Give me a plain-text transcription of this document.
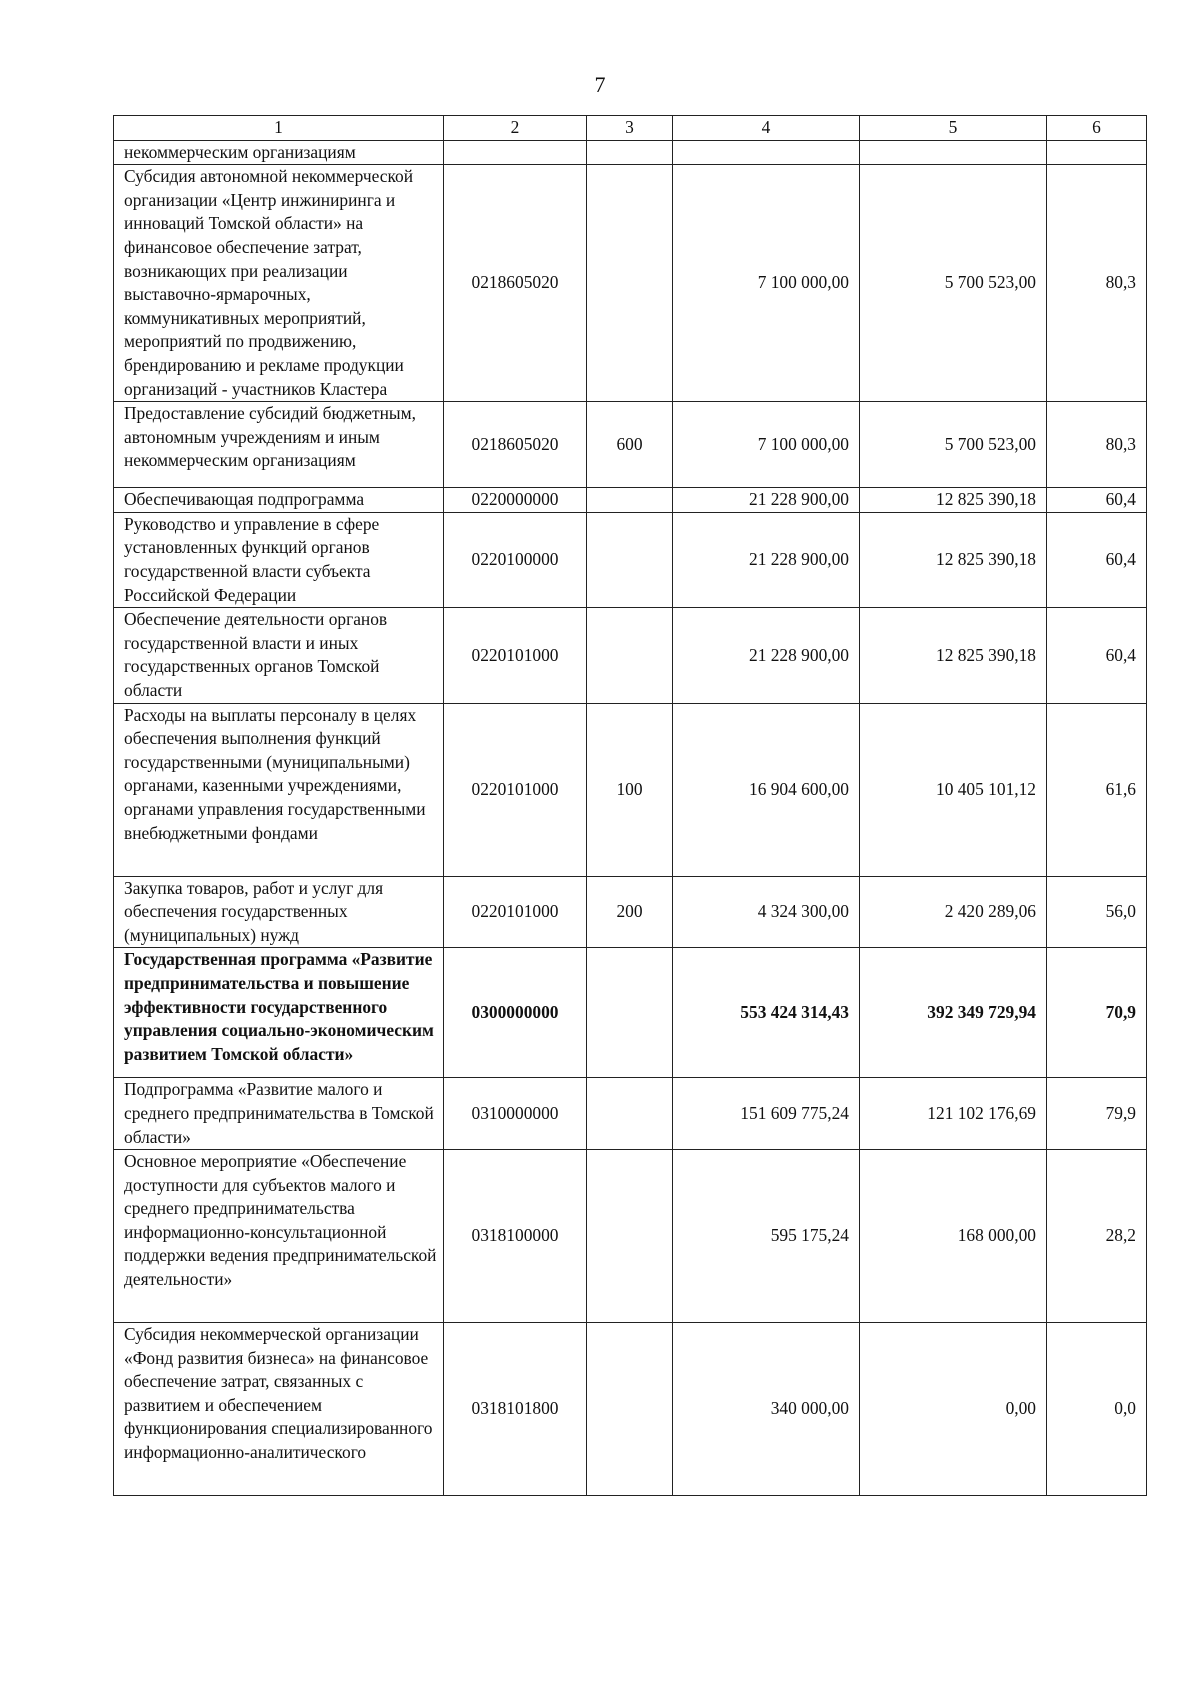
7
1	2	3	4	5	6
некоммерческим организациям					
Субсидия автономной некоммерческой организации «Центр инжиниринга и инноваций Томской области» на финансовое обеспечение затрат, возникающих при реализации выставочно-ярмарочных, коммуникативных мероприятий, мероприятий по продвижению, брендированию и рекламе продукции организаций - участников Кластера	0218605020		7 100 000,00	5 700 523,00	80,3
Предоставление субсидий бюджетным, автономным учреждениям и иным некоммерческим организациям	0218605020	600	7 100 000,00	5 700 523,00	80,3
Обеспечивающая подпрограмма	0220000000		21 228 900,00	12 825 390,18	60,4
Руководство и управление в сфере установленных функций органов государственной власти субъекта Российской Федерации	0220100000		21 228 900,00	12 825 390,18	60,4
Обеспечение деятельности органов государственной власти и иных государственных органов Томской области	0220101000		21 228 900,00	12 825 390,18	60,4
Расходы на выплаты персоналу в целях обеспечения выполнения функций государственными (муниципальными) органами, казенными учреждениями, органами управления государственными внебюджетными фондами	0220101000	100	16 904 600,00	10 405 101,12	61,6
Закупка товаров, работ и услуг для обеспечения государственных (муниципальных) нужд	0220101000	200	4 324 300,00	2 420 289,06	56,0
Государственная программа «Развитие предпринимательства и повышение эффективности государственного управления социально-экономическим развитием Томской области»	0300000000		553 424 314,43	392 349 729,94	70,9
Подпрограмма «Развитие малого и среднего предпринимательства в Томской области»	0310000000		151 609 775,24	121 102 176,69	79,9
Основное мероприятие «Обеспечение доступности для субъектов малого и среднего предпринимательства информационно-консультационной поддержки ведения предпринимательской деятельности»	0318100000		595 175,24	168 000,00	28,2
Субсидия некоммерческой организации «Фонд развития бизнеса» на финансовое обеспечение затрат, связанных с развитием и обеспечением функционирования специализированного информационно-аналитического	0318101800		340 000,00	0,00	0,0
